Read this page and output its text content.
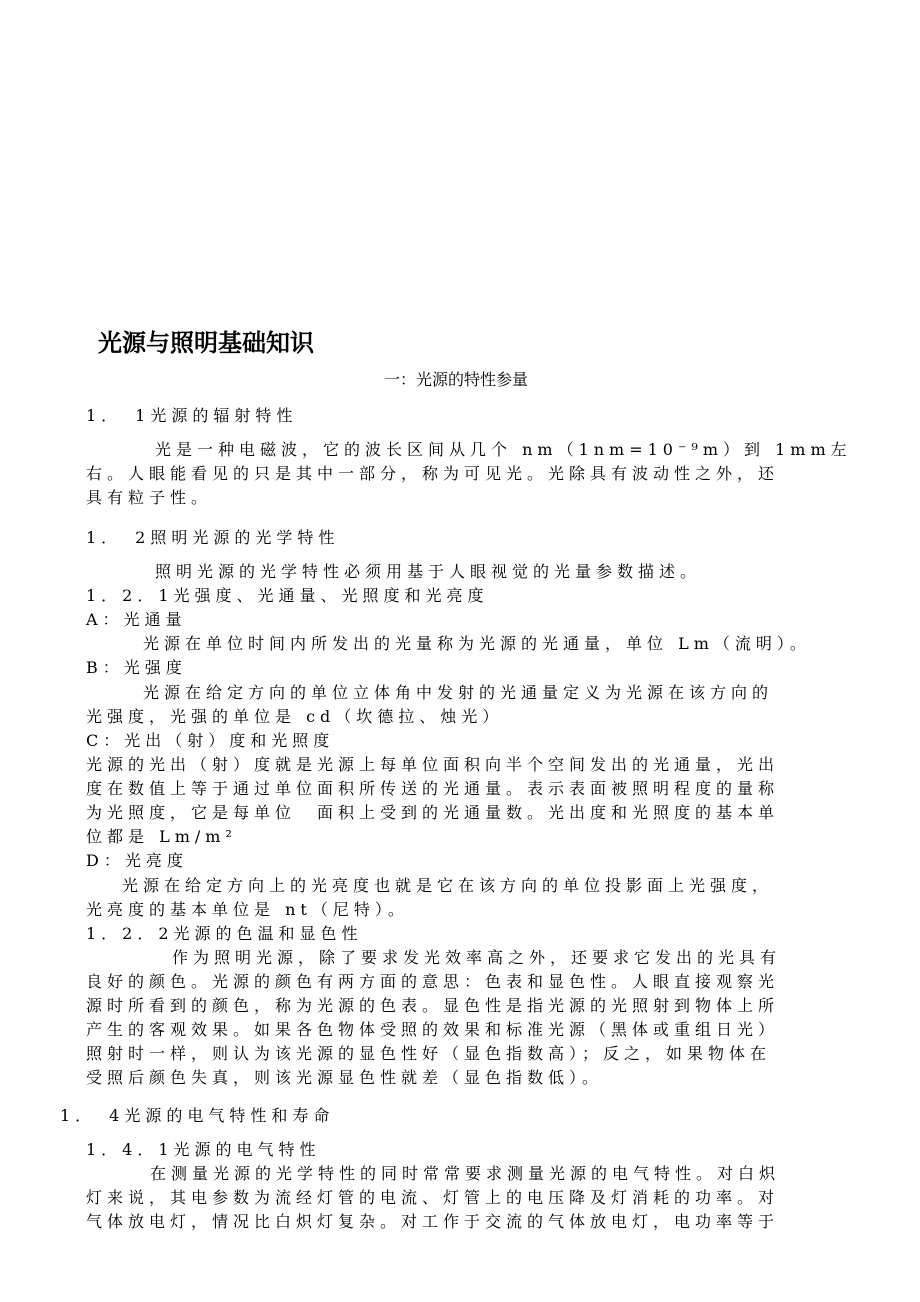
光源与照明基础知识
一：光源的特性参量
1．　1光源的辐射特性
光是一种电磁波，它的波长区间从几个 nm（1nm=10⁻⁹m）到 1mm左
右。人眼能看见的只是其中一部分，称为可见光。光除具有波动性之外，还
具有粒子性。
1．　2照明光源的光学特性
照明光源的光学特性必须用基于人眼视觉的光量参数描述。
1．2．1光强度、光通量、光照度和光亮度
A：光通量
光源在单位时间内所发出的光量称为光源的光通量，单位 Lm（流明）。
B：光强度
光源在给定方向的单位立体角中发射的光通量定义为光源在该方向的
光强度，光强的单位是 cd（坎德拉、烛光）
C：光出（射）度和光照度
光源的光出（射）度就是光源上每单位面积向半个空间发出的光通量，光出
度在数值上等于通过单位面积所传送的光通量。表示表面被照明程度的量称
为光照度，它是每单位　面积上受到的光通量数。光出度和光照度的基本单
位都是 Lm/m²
D：光亮度
光源在给定方向上的光亮度也就是它在该方向的单位投影面上光强度，
光亮度的基本单位是 nt（尼特）。
1．2．2光源的色温和显色性
作为照明光源，除了要求发光效率高之外，还要求它发出的光具有
良好的颜色。光源的颜色有两方面的意思：色表和显色性。人眼直接观察光
源时所看到的颜色，称为光源的色表。显色性是指光源的光照射到物体上所
产生的客观效果。如果各色物体受照的效果和标准光源（黑体或重组日光）
照射时一样，则认为该光源的显色性好（显色指数高）；反之，如果物体在
受照后颜色失真，则该光源显色性就差（显色指数低）。
1．　4光源的电气特性和寿命
1．4．1光源的电气特性
在测量光源的光学特性的同时常常要求测量光源的电气特性。对白炽
灯来说，其电参数为流经灯管的电流、灯管上的电压降及灯消耗的功率。对
气体放电灯，情况比白炽灯复杂。对工作于交流的气体放电灯，电功率等于
